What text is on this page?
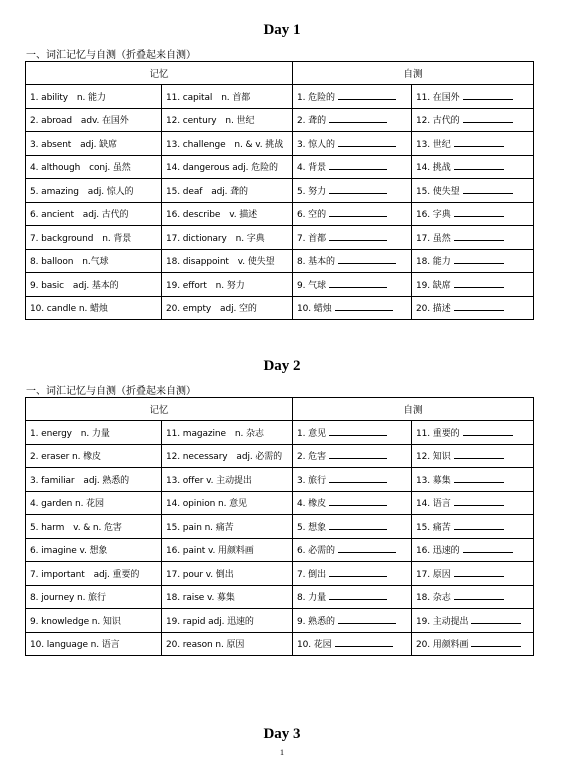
Day 1
一、词汇记忆与自测（折叠起来自测）
记忆		自测	
1. ability　n. 能力	11. capital　n. 首都	1. 危险的	11. 在国外
2. abroad　adv. 在国外	12. century　n. 世纪	2. 聋的	12. 古代的
3. absent　adj. 缺席	13. challenge　n. & v. 挑战	3. 惊人的	13. 世纪
4. although　conj. 虽然	14. dangerous adj. 危险的	4. 背景	14. 挑战
5. amazing　adj. 惊人的	15. deaf　adj. 聋的	5. 努力	15. 使失望
6. ancient　adj. 古代的	16. describe　v. 描述	6. 空的	16. 字典
7. background　n. 背景	17. dictionary　n. 字典	7. 首都	17. 虽然
8. balloon　n.气球	18. disappoint　v. 使失望	8. 基本的	18. 能力
9. basic　adj. 基本的	19. effort　n. 努力	9. 气球	19. 缺席
10. candle n. 蜡烛	20. empty　adj. 空的	10. 蜡烛	20. 描述
Day 2
一、词汇记忆与自测（折叠起来自测）
记忆		自测	
1. energy　n. 力量	11. magazine　n. 杂志	1. 意见	11. 重要的
2. eraser n. 橡皮	12. necessary　adj. 必需的	2. 危害	12. 知识
3. familiar　adj. 熟悉的	13. offer v. 主动提出	3. 旅行	13. 募集
4. garden n. 花园	14. opinion n. 意见	4. 橡皮	14. 语言
5. harm　v. & n. 危害	15. pain n. 痛苦	5. 想象	15. 痛苦
6. imagine v. 想象	16. paint v. 用颜料画	6. 必需的	16. 迅速的
7. important　adj. 重要的	17. pour v. 倒出	7. 倒出	17. 原因
8. journey n. 旅行	18. raise v. 募集	8. 力量	18. 杂志
9. knowledge n. 知识	19. rapid adj. 迅速的	9. 熟悉的	19. 主动提出
10. language n. 语言	20. reason n. 原因	10. 花园	20. 用颜料画
Day 3
1
